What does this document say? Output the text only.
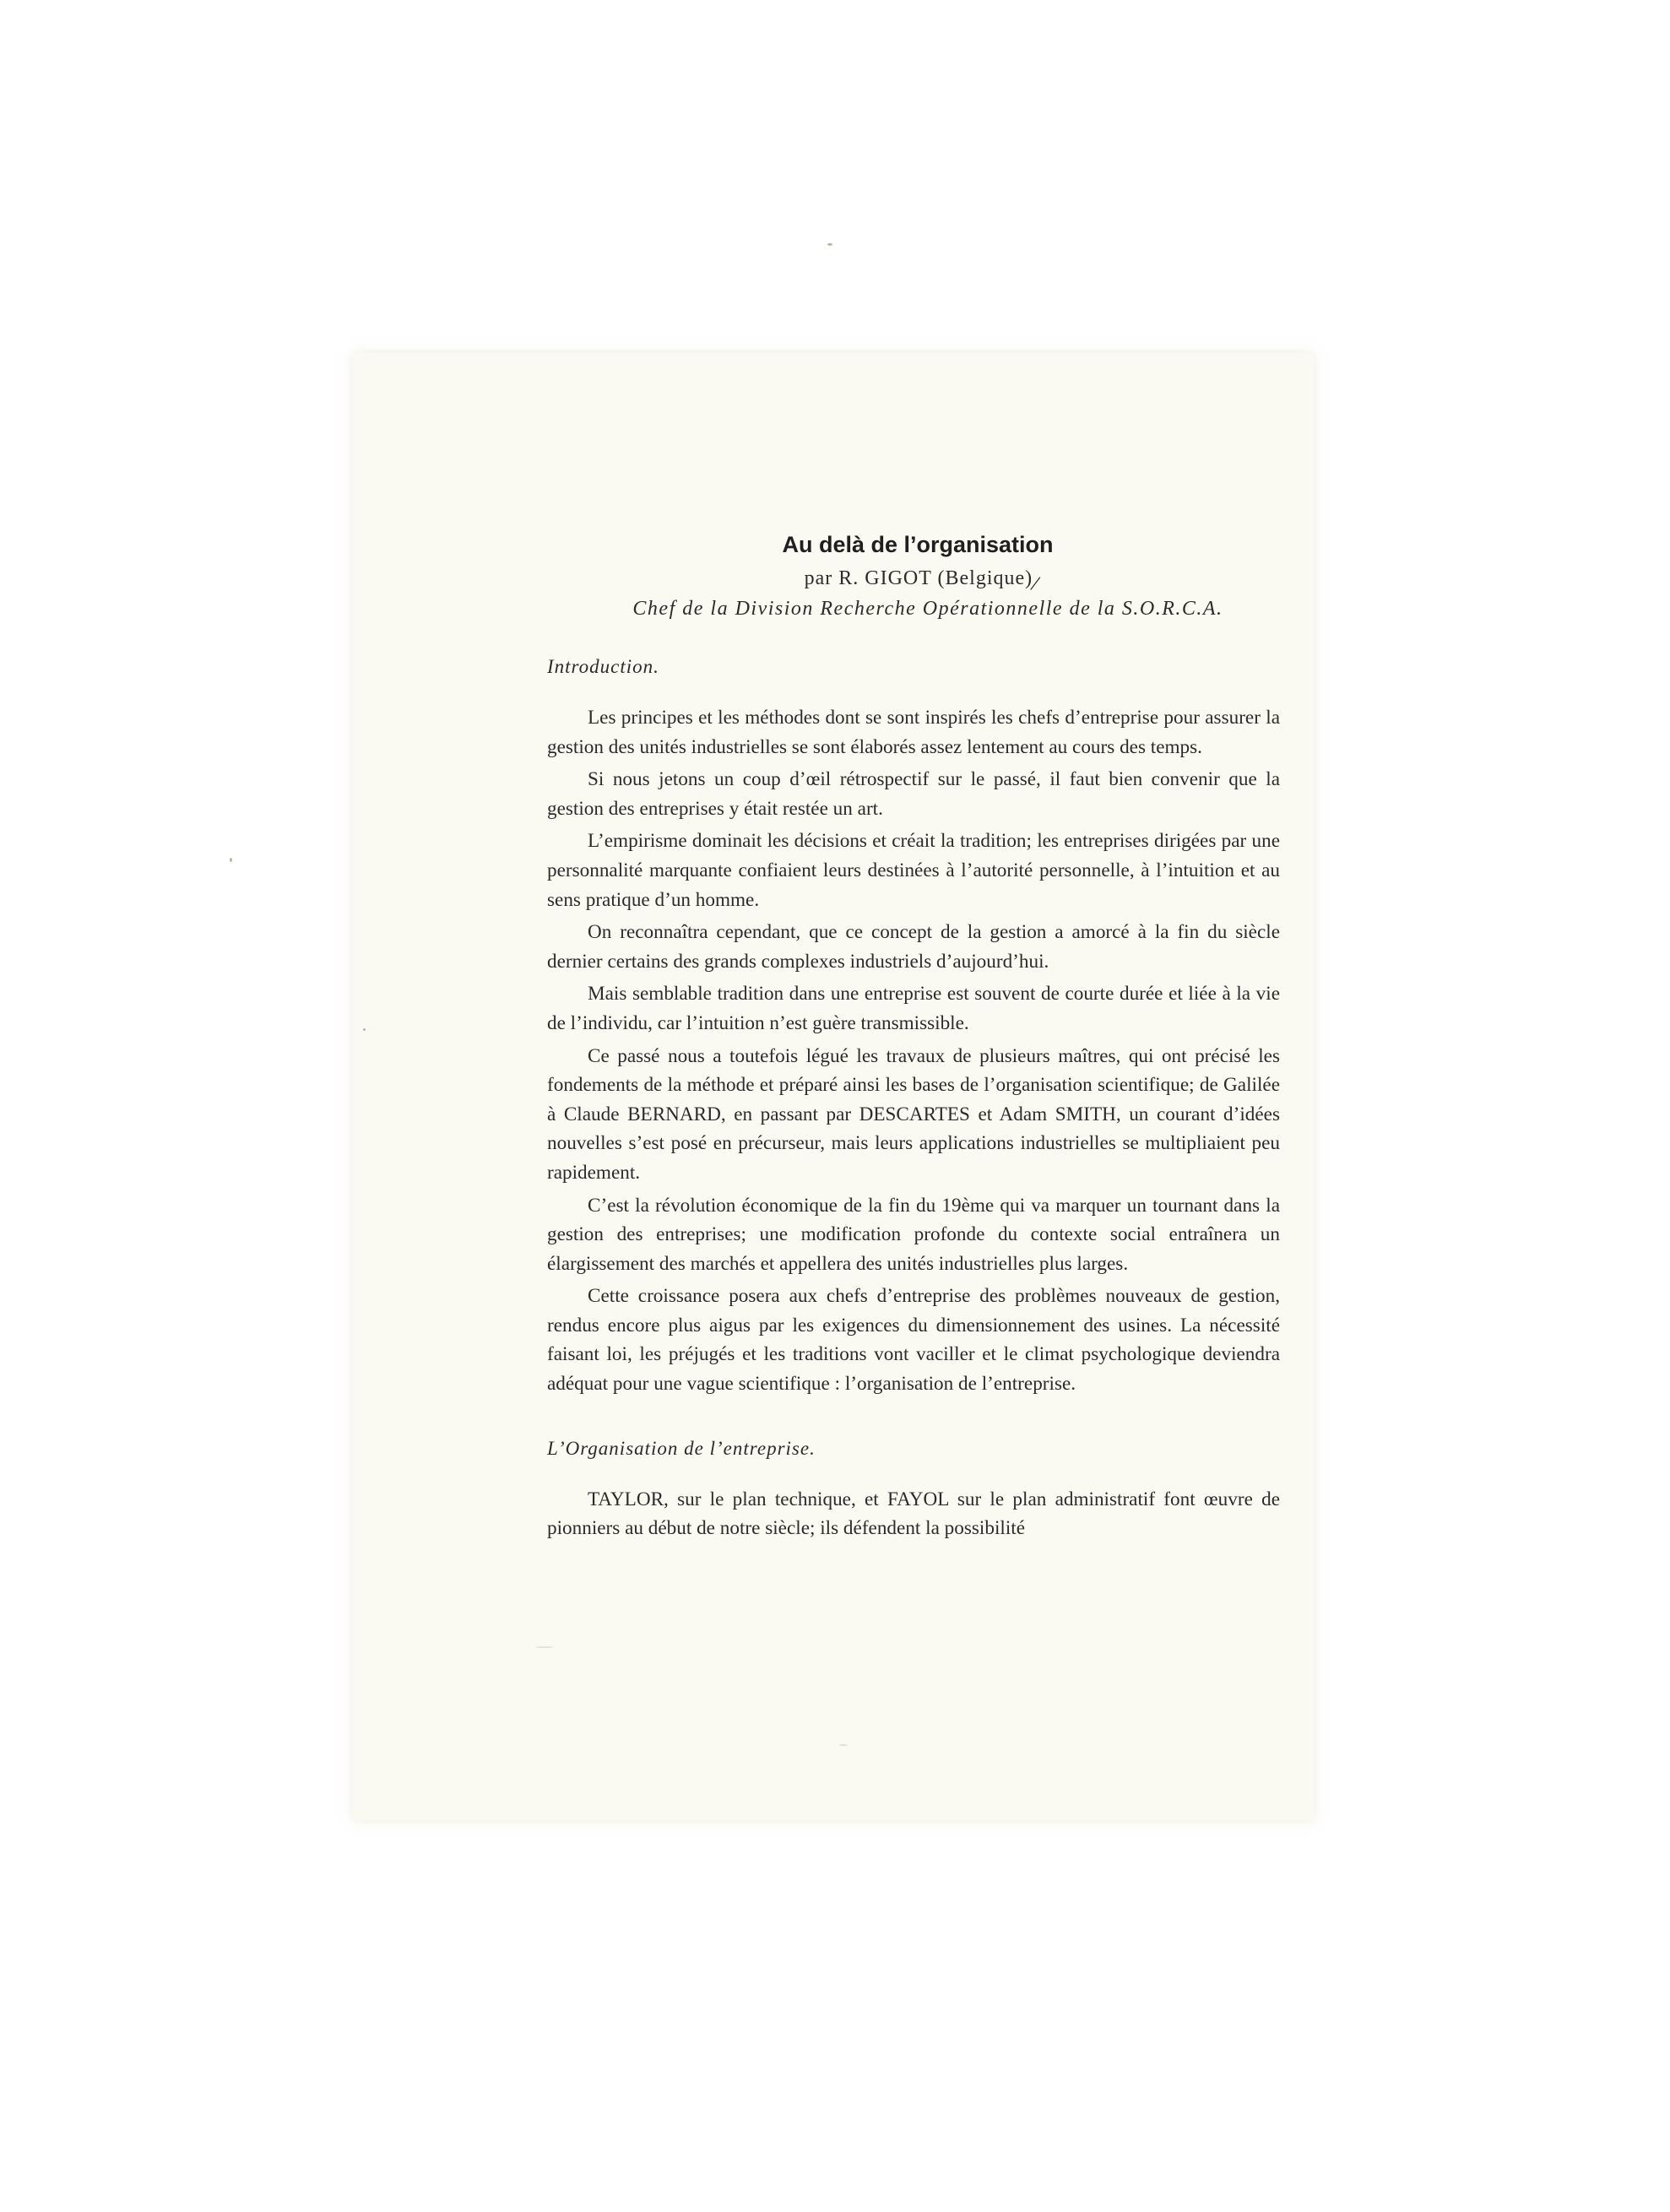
Au delà de l’organisation
par R. GIGOT (Belgique)/
Chef de la Division Recherche Opérationnelle de la S.O.R.C.A.
Introduction.

Les principes et les méthodes dont se sont inspirés les chefs d’entreprise pour assurer la gestion des unités industrielles se sont élaborés assez lentement au cours des temps.

Si nous jetons un coup d’œil rétrospectif sur le passé, il faut bien convenir que la gestion des entreprises y était restée un art.

L’empirisme dominait les décisions et créait la tradition; les entreprises dirigées par une personnalité marquante confiaient leurs destinées à l’autorité personnelle, à l’intuition et au sens pratique d’un homme.

On reconnaîtra cependant, que ce concept de la gestion a amorcé à la fin du siècle dernier certains des grands complexes industriels d’aujourd’hui.

Mais semblable tradition dans une entreprise est souvent de courte durée et liée à la vie de l’individu, car l’intuition n’est guère transmissible.

Ce passé nous a toutefois légué les travaux de plusieurs maîtres, qui ont précisé les fondements de la méthode et préparé ainsi les bases de l’organisation scientifique; de Galilée à Claude BERNARD, en passant par DESCARTES et Adam SMITH, un courant d’idées nouvelles s’est posé en précurseur, mais leurs applications industrielles se multipliaient peu rapidement.

C’est la révolution économique de la fin du 19ème qui va marquer un tournant dans la gestion des entreprises; une modification profonde du contexte social entraînera un élargissement des marchés et appellera des unités industrielles plus larges.

Cette croissance posera aux chefs d’entreprise des problèmes nouveaux de gestion, rendus encore plus aigus par les exigences du dimensionnement des usines. La nécessité faisant loi, les préjugés et les traditions vont vaciller et le climat psychologique deviendra adéquat pour une vague scientifique : l’organisation de l’entreprise.

L’Organisation de l’entreprise.

TAYLOR, sur le plan technique, et FAYOL sur le plan administratif font œuvre de pionniers au début de notre siècle; ils défendent la possibilité
